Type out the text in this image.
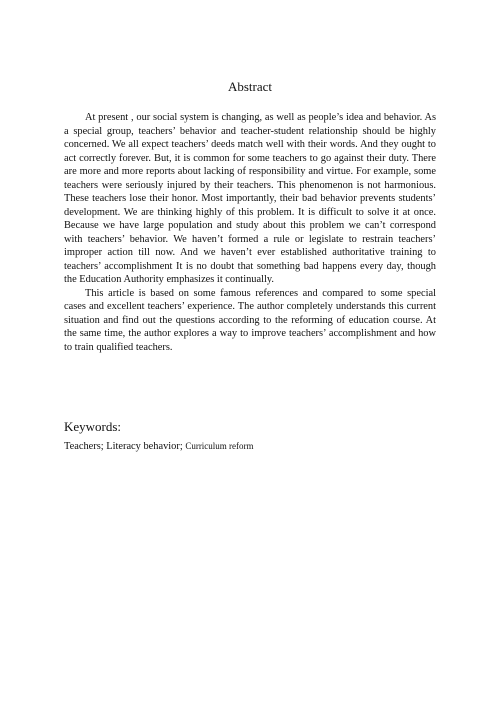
Abstract

At present , our social system is changing, as well as people’s idea and behavior. As a special group, teachers’ behavior and teacher-student relationship should be highly concerned. We all expect teachers’ deeds match well with their words. And they ought to act correctly forever. But, it is common for some teachers to go against their duty. There are more and more reports about lacking of responsibility and virtue. For example, some teachers were seriously injured by their teachers. This phenomenon is not harmonious. These teachers lose their honor. Most importantly, their bad behavior prevents students’ development. We are thinking highly of this problem. It is difficult to solve it at once. Because we have large population and study about this problem we can’t correspond with teachers’ behavior. We haven’t formed a rule or legislate to restrain teachers’ improper action till now. And we haven’t ever established authoritative training to teachers’ accomplishment It is no doubt that something bad happens every day, though the Education Authority emphasizes it continually.

This article is based on some famous references and compared to some special cases and excellent teachers’ experience. The author completely understands this current situation and find out the questions according to the reforming of education course. At the same time, the author explores a way to improve teachers’ accomplishment and how to train qualified teachers.

Keywords:
Teachers; Literacy behavior; Curriculum reform
